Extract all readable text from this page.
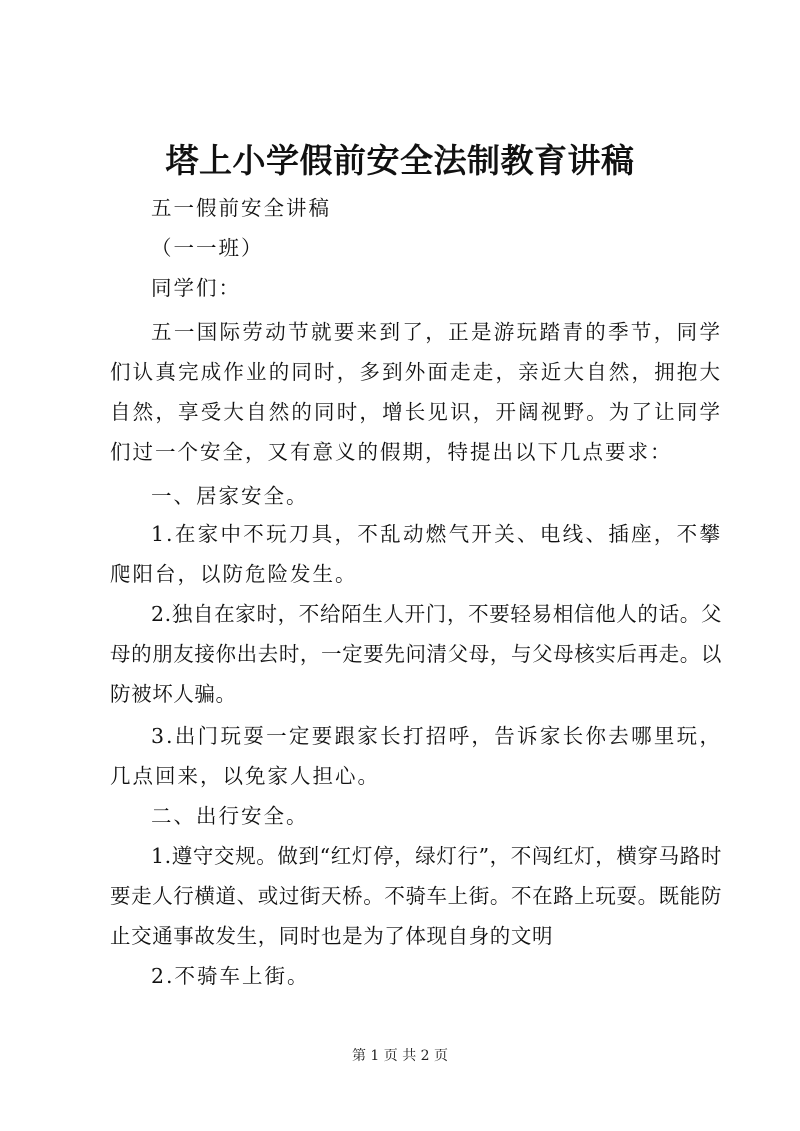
塔上小学假前安全法制教育讲稿

五一假前安全讲稿

（一一班）

同学们：

五一国际劳动节就要来到了，正是游玩踏青的季节，同学们认真完成作业的同时，多到外面走走，亲近大自然，拥抱大自然，享受大自然的同时，增长见识，开阔视野。为了让同学们过一个安全，又有意义的假期，特提出以下几点要求：

一、居家安全。

1.在家中不玩刀具，不乱动燃气开关、电线、插座，不攀爬阳台，以防危险发生。

2.独自在家时，不给陌生人开门，不要轻易相信他人的话。父母的朋友接你出去时，一定要先问清父母，与父母核实后再走。以防被坏人骗。

3.出门玩耍一定要跟家长打招呼，告诉家长你去哪里玩，几点回来，以免家人担心。

二、出行安全。

1.遵守交规。做到“红灯停，绿灯行”，不闯红灯，横穿马路时要走人行横道、或过街天桥。不骑车上街。不在路上玩耍。既能防止交通事故发生，同时也是为了体现自身的文明

2.不骑车上街。

第 1 页 共 2 页
